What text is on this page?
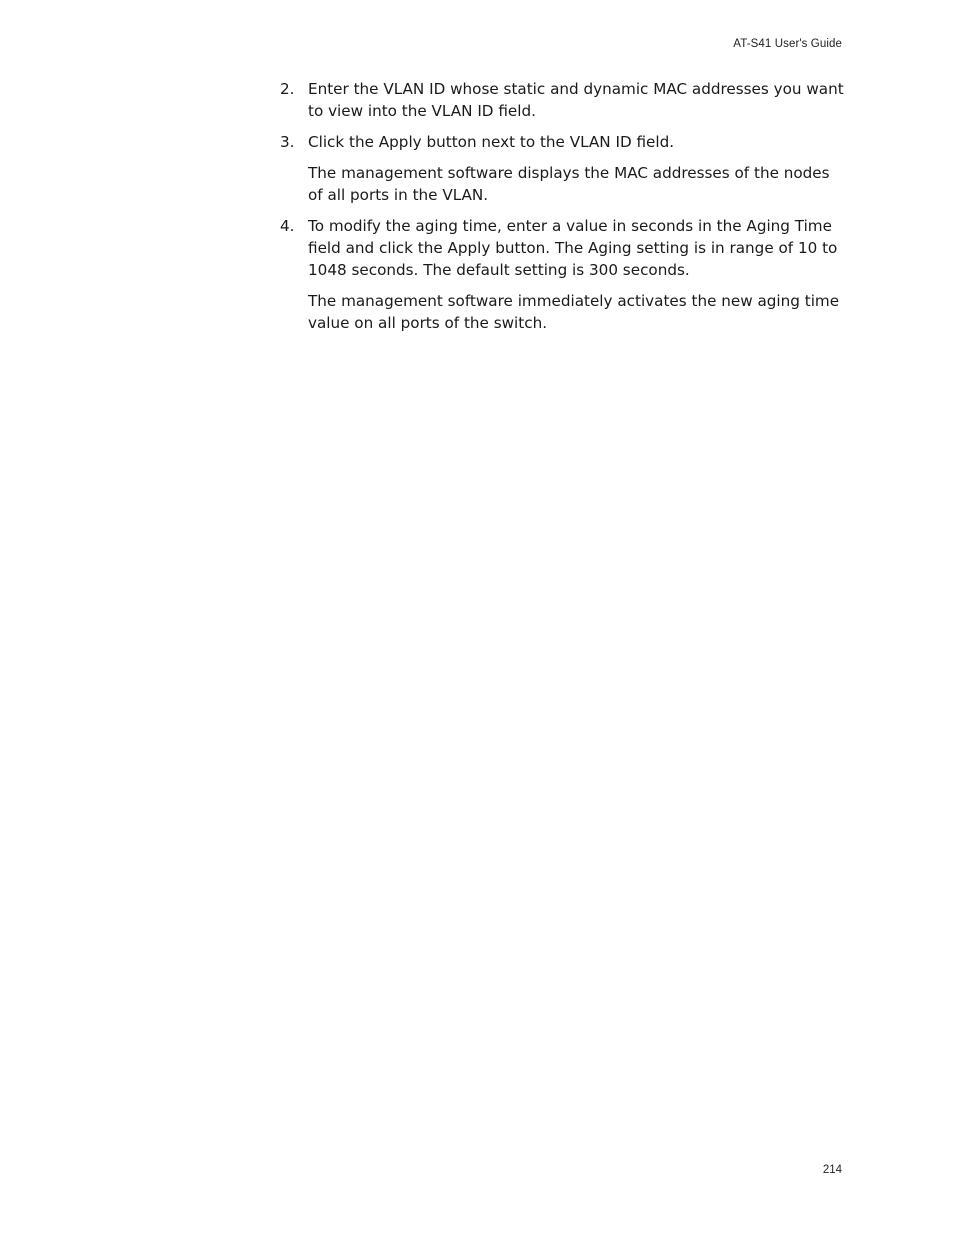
AT-S41 User's Guide
2. Enter the VLAN ID whose static and dynamic MAC addresses you want to view into the VLAN ID field.
3. Click the Apply button next to the VLAN ID field.
The management software displays the MAC addresses of the nodes of all ports in the VLAN.
4. To modify the aging time, enter a value in seconds in the Aging Time field and click the Apply button. The Aging setting is in range of 10 to 1048 seconds. The default setting is 300 seconds.
The management software immediately activates the new aging time value on all ports of the switch.
214
